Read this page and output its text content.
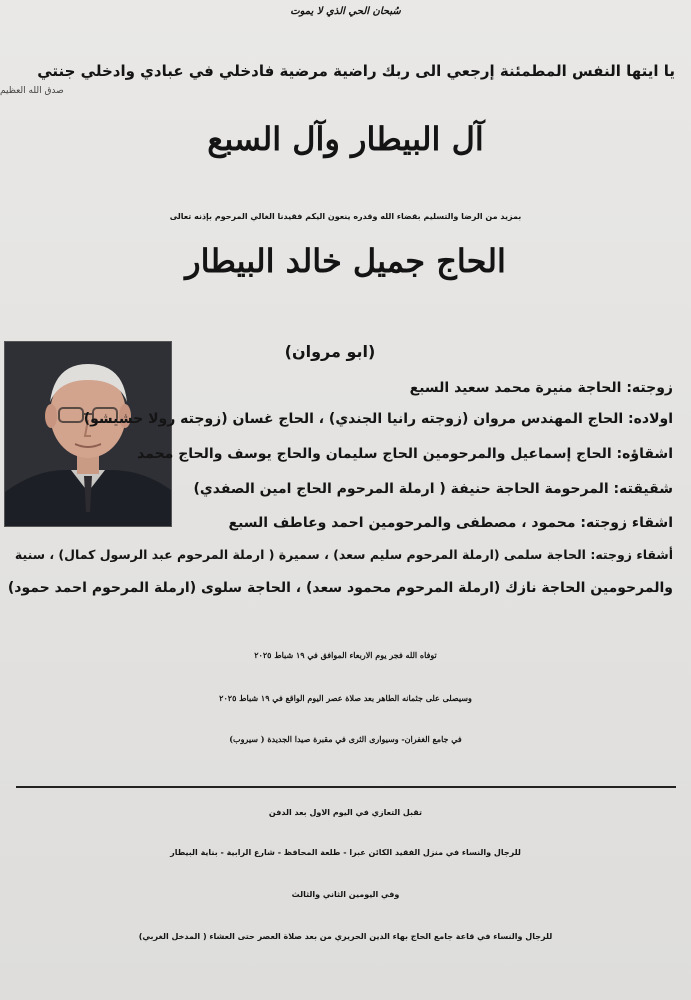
سُبحان الحي الذي لا يموت
يا ايتها النفس المطمئنة إرجعي الى ربك راضية مرضية فادخلي في عبادي وادخلي جنتي
صدق الله العظيم
آل البيطار وآل السبع
بمزيد من الرضا والتسليم بقضاء الله وقدره ينعون اليكم فقيدنا الغالي المرحوم بإذنه تعالى
الحاج جميل خالد البيطار
(ابو مروان)
زوجته: الحاجة منيرة محمد سعيد السبع
اولاده: الحاج المهندس مروان (زوجته رانيا الجندي) ، الحاج غسان (زوجته رولا حشيشو)
اشقاؤه: الحاج إسماعيل والمرحومين الحاج سليمان والحاج يوسف والحاج محمد
شقيقته: المرحومة الحاجة حنيفة ( ارملة المرحوم الحاج امين الصفدي)
اشقاء زوجته: محمود ، مصطفى والمرحومين احمد وعاطف السبع
أشقاء زوجته: الحاجة سلمى (ارملة المرحوم سليم سعد) ، سميرة ( ارملة المرحوم عبد الرسول كمال) ، سنية
والمرحومين الحاجة نازك (ارملة المرحوم محمود سعد) ، الحاجة سلوى (ارملة المرحوم احمد حمود)
توفاه الله فجر يوم الاربعاء الموافق في ١٩ شباط ٢٠٢٥
وسيصلى على جثمانه الطاهر بعد صلاة عصر اليوم الواقع في ١٩ شباط ٢٠٢٥
في جامع الغفران- وسيوارى الثرى في مقبرة صيدا الجديدة ( سيروب)
تقبل التعازي في اليوم الاول بعد الدفن
للرجال والنساء في منزل الفقيد الكائن عبرا - طلعة المحافظ - شارع الرابية - بناية البيطار
وفي اليومين الثاني والثالث
للرجال والنساء في قاعة جامع الحاج بهاء الدين الحريري من بعد صلاة العصر حتى العشاء ( المدخل الغربي)
